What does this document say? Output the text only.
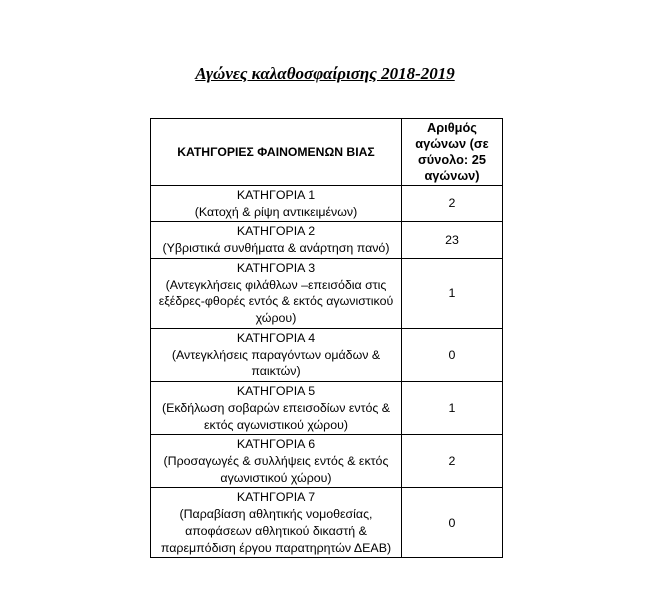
Αγώνες καλαθοσφαίρισης 2018-2019
ΚΑΤΗΓΟΡΙΕΣ ΦΑΙΝΟΜΕΝΩΝ ΒΙΑΣ	Αριθμός αγώνων (σε σύνολο: 25 αγώνων)

ΚΑΤΗΓΟΡΙΑ 1
(Κατοχή & ρίψη αντικειμένων)	2

ΚΑΤΗΓΟΡΙΑ 2
(Υβριστικά συνθήματα & ανάρτηση πανό)	23

ΚΑΤΗΓΟΡΙΑ 3
(Αντεγκλήσεις φιλάθλων –επεισόδια στις εξέδρες-φθορές εντός & εκτός αγωνιστικού χώρου)	1

ΚΑΤΗΓΟΡΙΑ 4
(Αντεγκλήσεις παραγόντων ομάδων & παικτών)	0

ΚΑΤΗΓΟΡΙΑ 5
(Εκδήλωση σοβαρών επεισοδίων εντός & εκτός αγωνιστικού χώρου)	1

ΚΑΤΗΓΟΡΙΑ 6
(Προσαγωγές & συλλήψεις εντός & εκτός αγωνιστικού χώρου)	2

ΚΑΤΗΓΟΡΙΑ 7
(Παραβίαση αθλητικής νομοθεσίας, αποφάσεων αθλητικού δικαστή & παρεμπόδιση έργου παρατηρητών ΔΕΑΒ)	0
